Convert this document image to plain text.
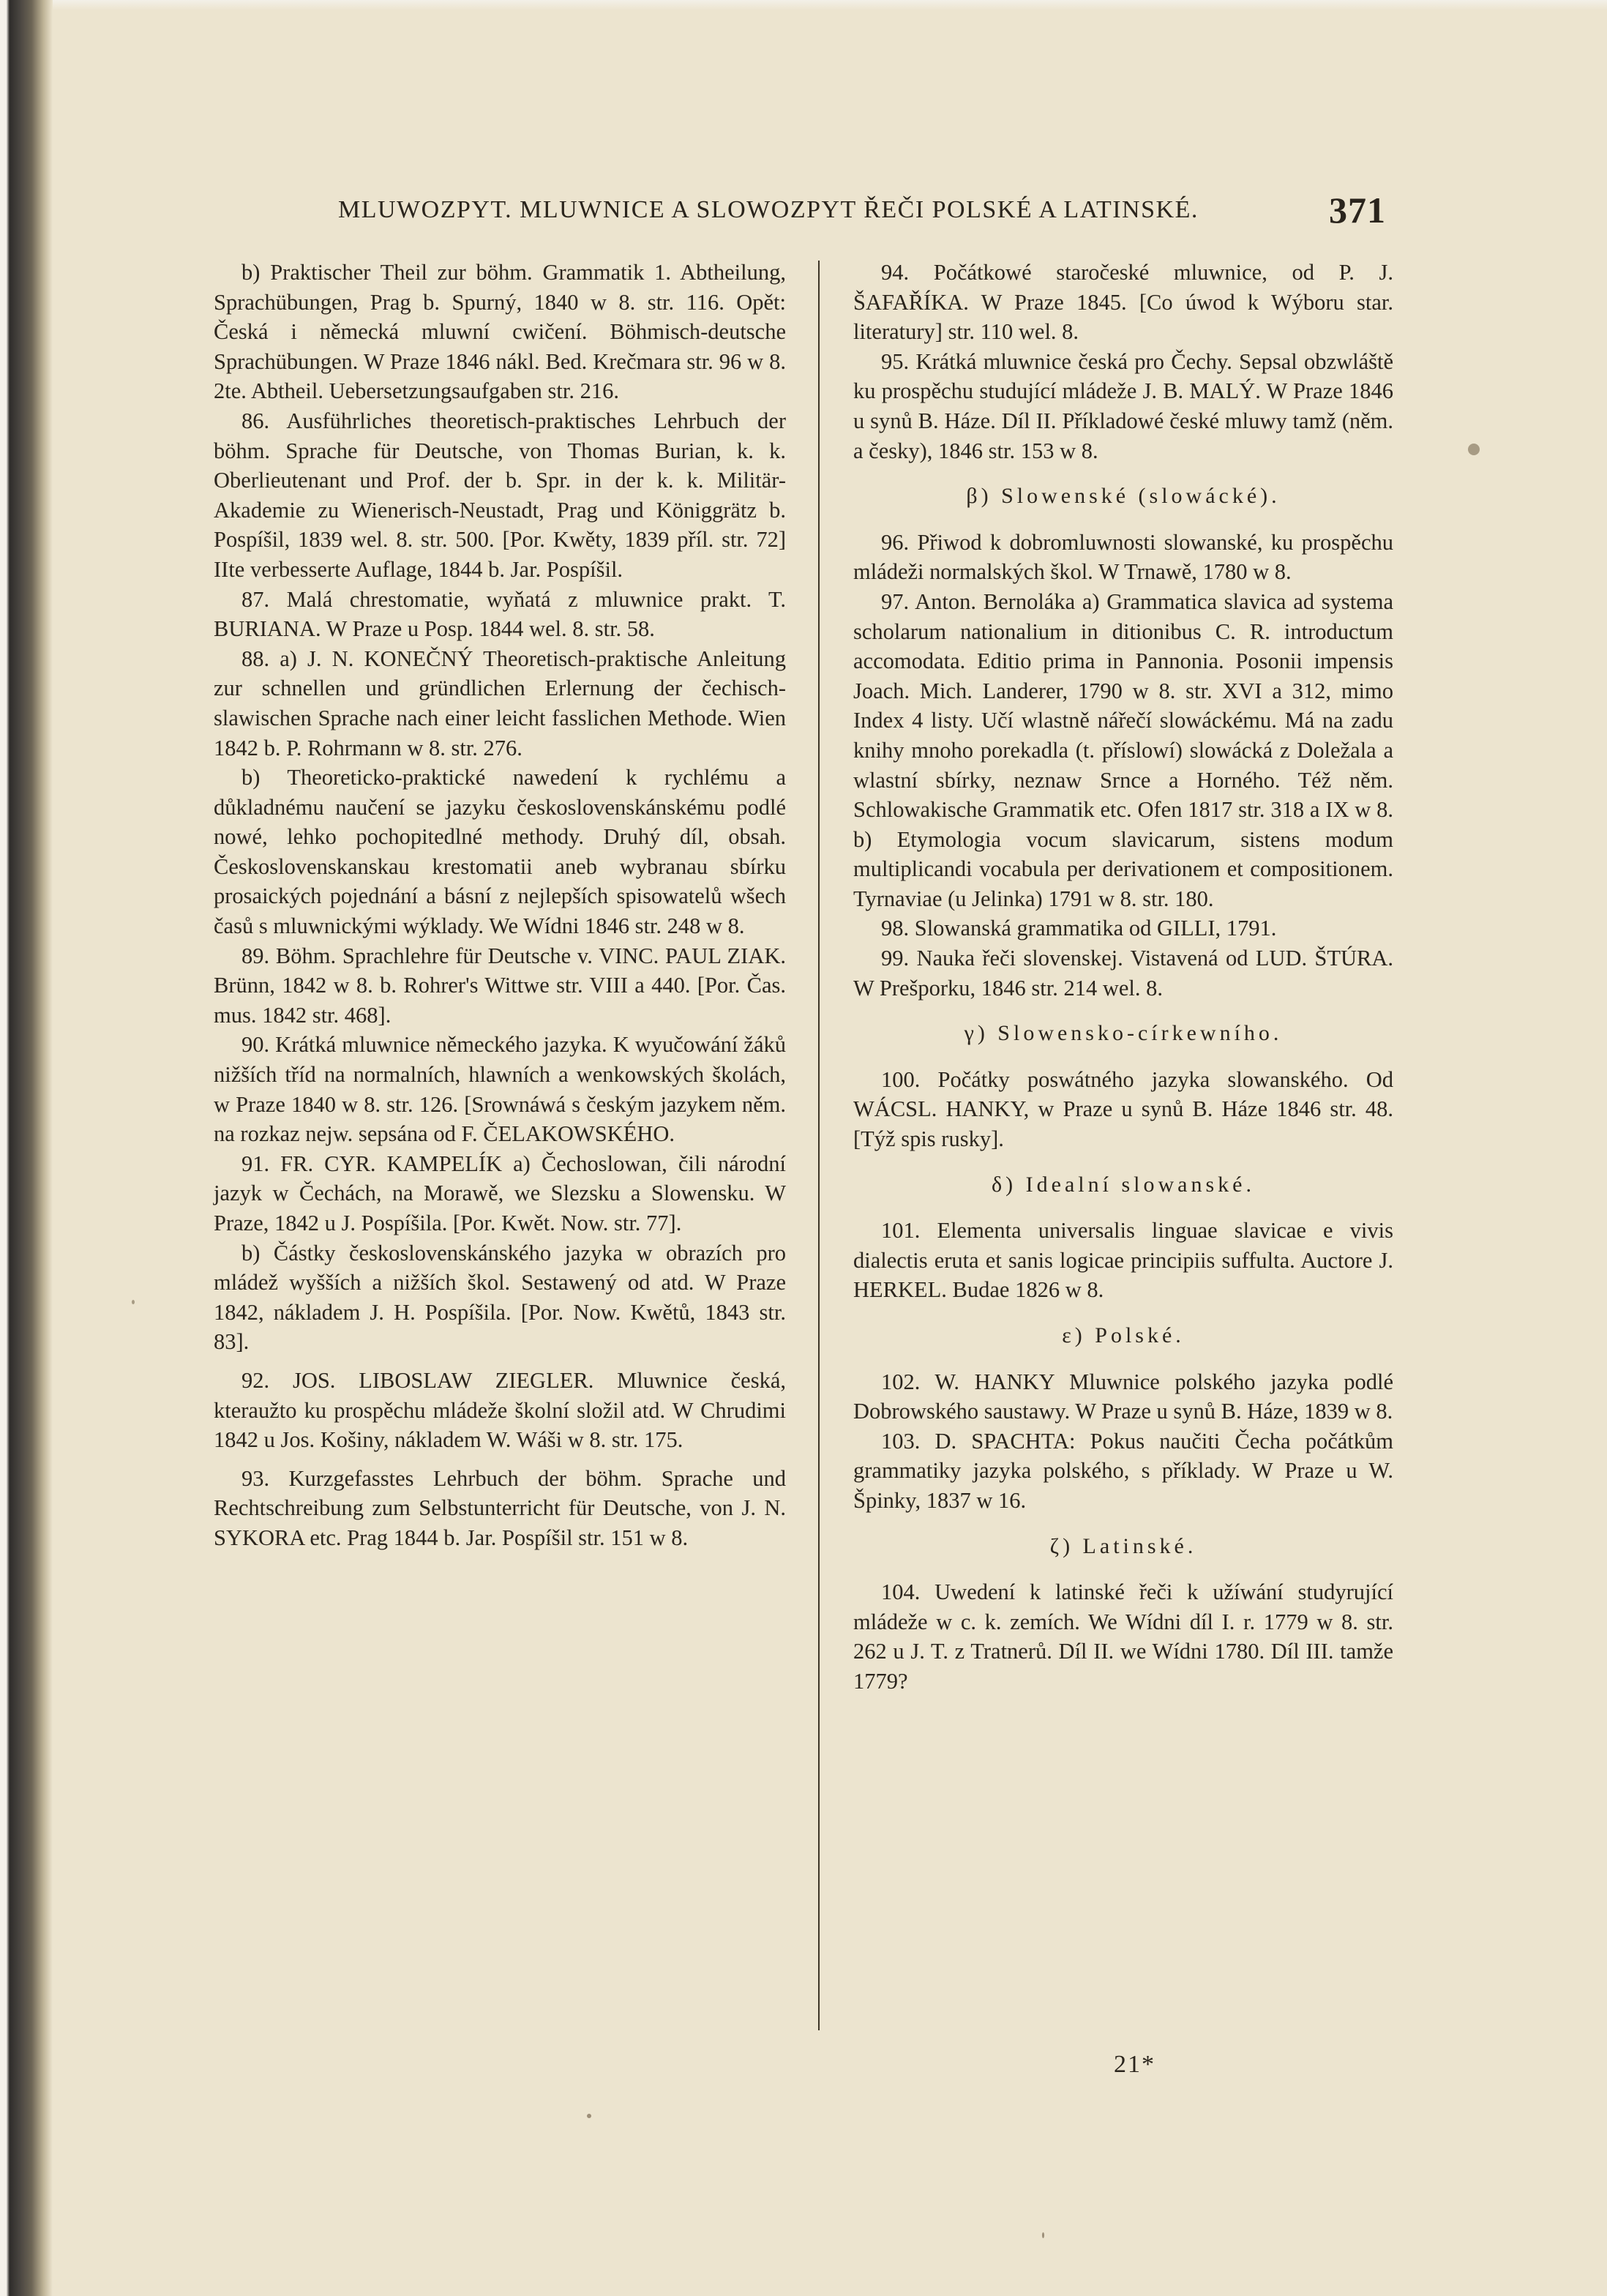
MLUWOZPYT. MLUWNICE A SLOWOZPYT ŘEČI POLSKÉ A LATINSKÉ.	371

b) Praktischer Theil zur böhm. Grammatik 1. Abtheilung, Sprachübungen, Prag b. Spurný, 1840 w 8. str. 116. Opět: Česká i německá mluwní cwičení. Böhmisch-deutsche Sprachübungen. W Praze 1846 nákl. Bed. Krečmara str. 96 w 8. 2te. Abtheil. Uebersetzungsaufgaben str. 216.

86. Ausführliches theoretisch-praktisches Lehrbuch der böhm. Sprache für Deutsche, von Thomas Burian, k. k. Oberlieutenant und Prof. der b. Spr. in der k. k. Militär-Akademie zu Wienerisch-Neustadt, Prag und Königgrätz b. Pospíšil, 1839 wel. 8. str. 500. [Por. Kwěty, 1839 příl. str. 72] IIte verbesserte Auflage, 1844 b. Jar. Pospíšil.

87. Malá chrestomatie, wyňatá z mluwnice prakt. T. BURIANA. W Praze u Posp. 1844 wel. 8. str. 58.

88. a) J. N. KONEČNÝ Theoretisch-praktische Anleitung zur schnellen und gründlichen Erlernung der čechisch-slawischen Sprache nach einer leicht fasslichen Methode. Wien 1842 b. P. Rohrmann w 8. str. 276.

b) Theoreticko-praktické nawedení k rychlému a důkladnému naučení se jazyku československánskému podlé nowé, lehko pochopitedlné methody. Druhý díl, obsah. Československanskau krestomatii aneb wybranau sbírku prosaických pojednání a básní z nejlepších spisowatelů wšech časů s mluwnickými wýklady. We Wídni 1846 str. 248 w 8.

89. Böhm. Sprachlehre für Deutsche v. VINC. PAUL ZIAK. Brünn, 1842 w 8. b. Rohrer's Wittwe str. VIII a 440. [Por. Čas. mus. 1842 str. 468].

90. Krátká mluwnice německého jazyka. K wyučowání žáků nižších tříd na normalních, hlawních a wenkowských školách, w Praze 1840 w 8. str. 126. [Srownáwá s českým jazykem něm. na rozkaz nejw. sepsána od F. ČELAKOWSKÉHO.

91. FR. CYR. KAMPELÍK a) Čechoslowan, čili národní jazyk w Čechách, na Morawě, we Slezsku a Slowensku. W Praze, 1842 u J. Pospíšila. [Por. Kwět. Now. str. 77].

b) Částky československánského jazyka w obrazích pro mládež wyšších a nižších škol. Sestawený od atd. W Praze 1842, nákladem J. H. Pospíšila. [Por. Now. Kwětů, 1843 str. 83].

92. JOS. LIBOSLAW ZIEGLER. Mluwnice česká, kteraužto ku prospěchu mládeže školní složil atd. W Chrudimi 1842 u Jos. Košiny, nákladem W. Wáši w 8. str. 175.

93. Kurzgefasstes Lehrbuch der böhm. Sprache und Rechtschreibung zum Selbstunterricht für Deutsche, von J. N. SYKORA etc. Prag 1844 b. Jar. Pospíšil str. 151 w 8.

94. Počátkowé staročeské mluwnice, od P. J. ŠAFAŘÍKA. W Praze 1845. [Co úwod k Wýboru star. literatury] str. 110 wel. 8.

95. Krátká mluwnice česká pro Čechy. Sepsal obzwláště ku prospěchu studující mládeže J. B. MALÝ. W Praze 1846 u synů B. Háze. Díl II. Příkladowé české mluwy tamž (něm. a česky), 1846 str. 153 w 8.

β) Slowenské (slowácké).

96. Přiwod k dobromluwnosti slowanské, ku prospěchu mládeži normalských škol. W Trnawě, 1780 w 8.

97. Anton. Bernoláka a) Grammatica slavica ad systema scholarum nationalium in ditionibus C. R. introductum accomodata. Editio prima in Pannonia. Posonii impensis Joach. Mich. Landerer, 1790 w 8. str. XVI a 312, mimo Index 4 listy. Učí wlastně nářečí slowáckému. Má na zadu knihy mnoho porekadla (t. příslowí) slowácká z Doležala a wlastní sbírky, neznaw Srnce a Horného. Též něm. Schlowakische Grammatik etc. Ofen 1817 str. 318 a IX w 8. b) Etymologia vocum slavicarum, sistens modum multiplicandi vocabula per derivationem et compositionem. Tyrnaviae (u Jelinka) 1791 w 8. str. 180.

98. Slowanská grammatika od GILLI, 1791.

99. Nauka řeči slovenskej. Vistavená od LUD. ŠTÚRA. W Prešporku, 1846 str. 214 wel. 8.

γ) Slowensko-církewního.

100. Počátky poswátného jazyka slowanského. Od WÁCSL. HANKY, w Praze u synů B. Háze 1846 str. 48. [Týž spis rusky].

δ) Idealní slowanské.

101. Elementa universalis linguae slavicae e vivis dialectis eruta et sanis logicae principiis suffulta. Auctore J. HERKEL. Budae 1826 w 8.

ε) Polské.

102. W. HANKY Mluwnice polského jazyka podlé Dobrowského saustawy. W Praze u synů B. Háze, 1839 w 8.

103. D. SPACHTA: Pokus naučiti Čecha počátkům grammatiky jazyka polského, s příklady. W Praze u W. Špinky, 1837 w 16.

ζ) Latinské.

104. Uwedení k latinské řeči k užíwání studyrující mládeže w c. k. zemích. We Wídni díl I. r. 1779 w 8. str. 262 u J. T. z Tratnerů. Díl II. we Wídni 1780. Díl III. tamže 1779?

21*
